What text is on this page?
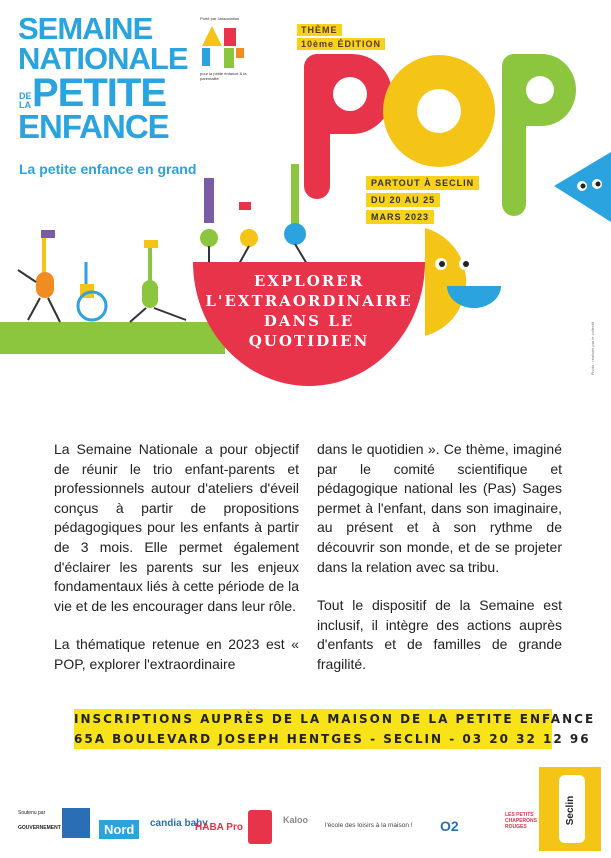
SEMAINE
NATIONALE
DE LA PETITE
ENFANCE
La petite enfance en grand
Porté par l'association
pour la petite enfance & la parentalité
THÈME
10ème ÉDITION
PARTOUT À SECLIN
DU 20 AU 25
MARS 2023
EXPLORER
L'EXTRAORDINAIRE
DANS LE
QUOTIDIEN	Photo : réalisée par le collectif

La Semaine Nationale a pour objectif de réunir le trio enfant-parents et professionnels autour d'ateliers d'éveil conçus à partir de propositions pédagogiques pour les enfants à partir de 3 mois. Elle permet également d'éclairer les parents sur les enjeux fondamentaux liés à cette période de la vie et de les encourager dans leur rôle.

La thématique retenue en 2023 est « POP, explorer l'extraordinaire

dans le quotidien ». Ce thème, imaginé par le comité scientifique et pédagogique national les (Pas) Sages permet à l'enfant, dans son imaginaire, au présent et à son rythme de découvrir son monde, et de se projeter dans la relation avec sa tribu.

Tout le dispositif de la Semaine est inclusif, il intègre des actions auprès d'enfants et de familles de grande fragilité.

INSCRIPTIONS AUPRÈS DE LA MAISON DE LA PETITE ENFANCE
65A BOULEVARD JOSEPH HENTGES - SECLIN - 03 20 32 12 96
Soutenu par
GOUVERNEMENT	Nord	candia baby
HABA Pro
Kaloo
l'école des loisirs à la maison ! O2
LES PETITS CHAPERONS ROUGES
Seclin
